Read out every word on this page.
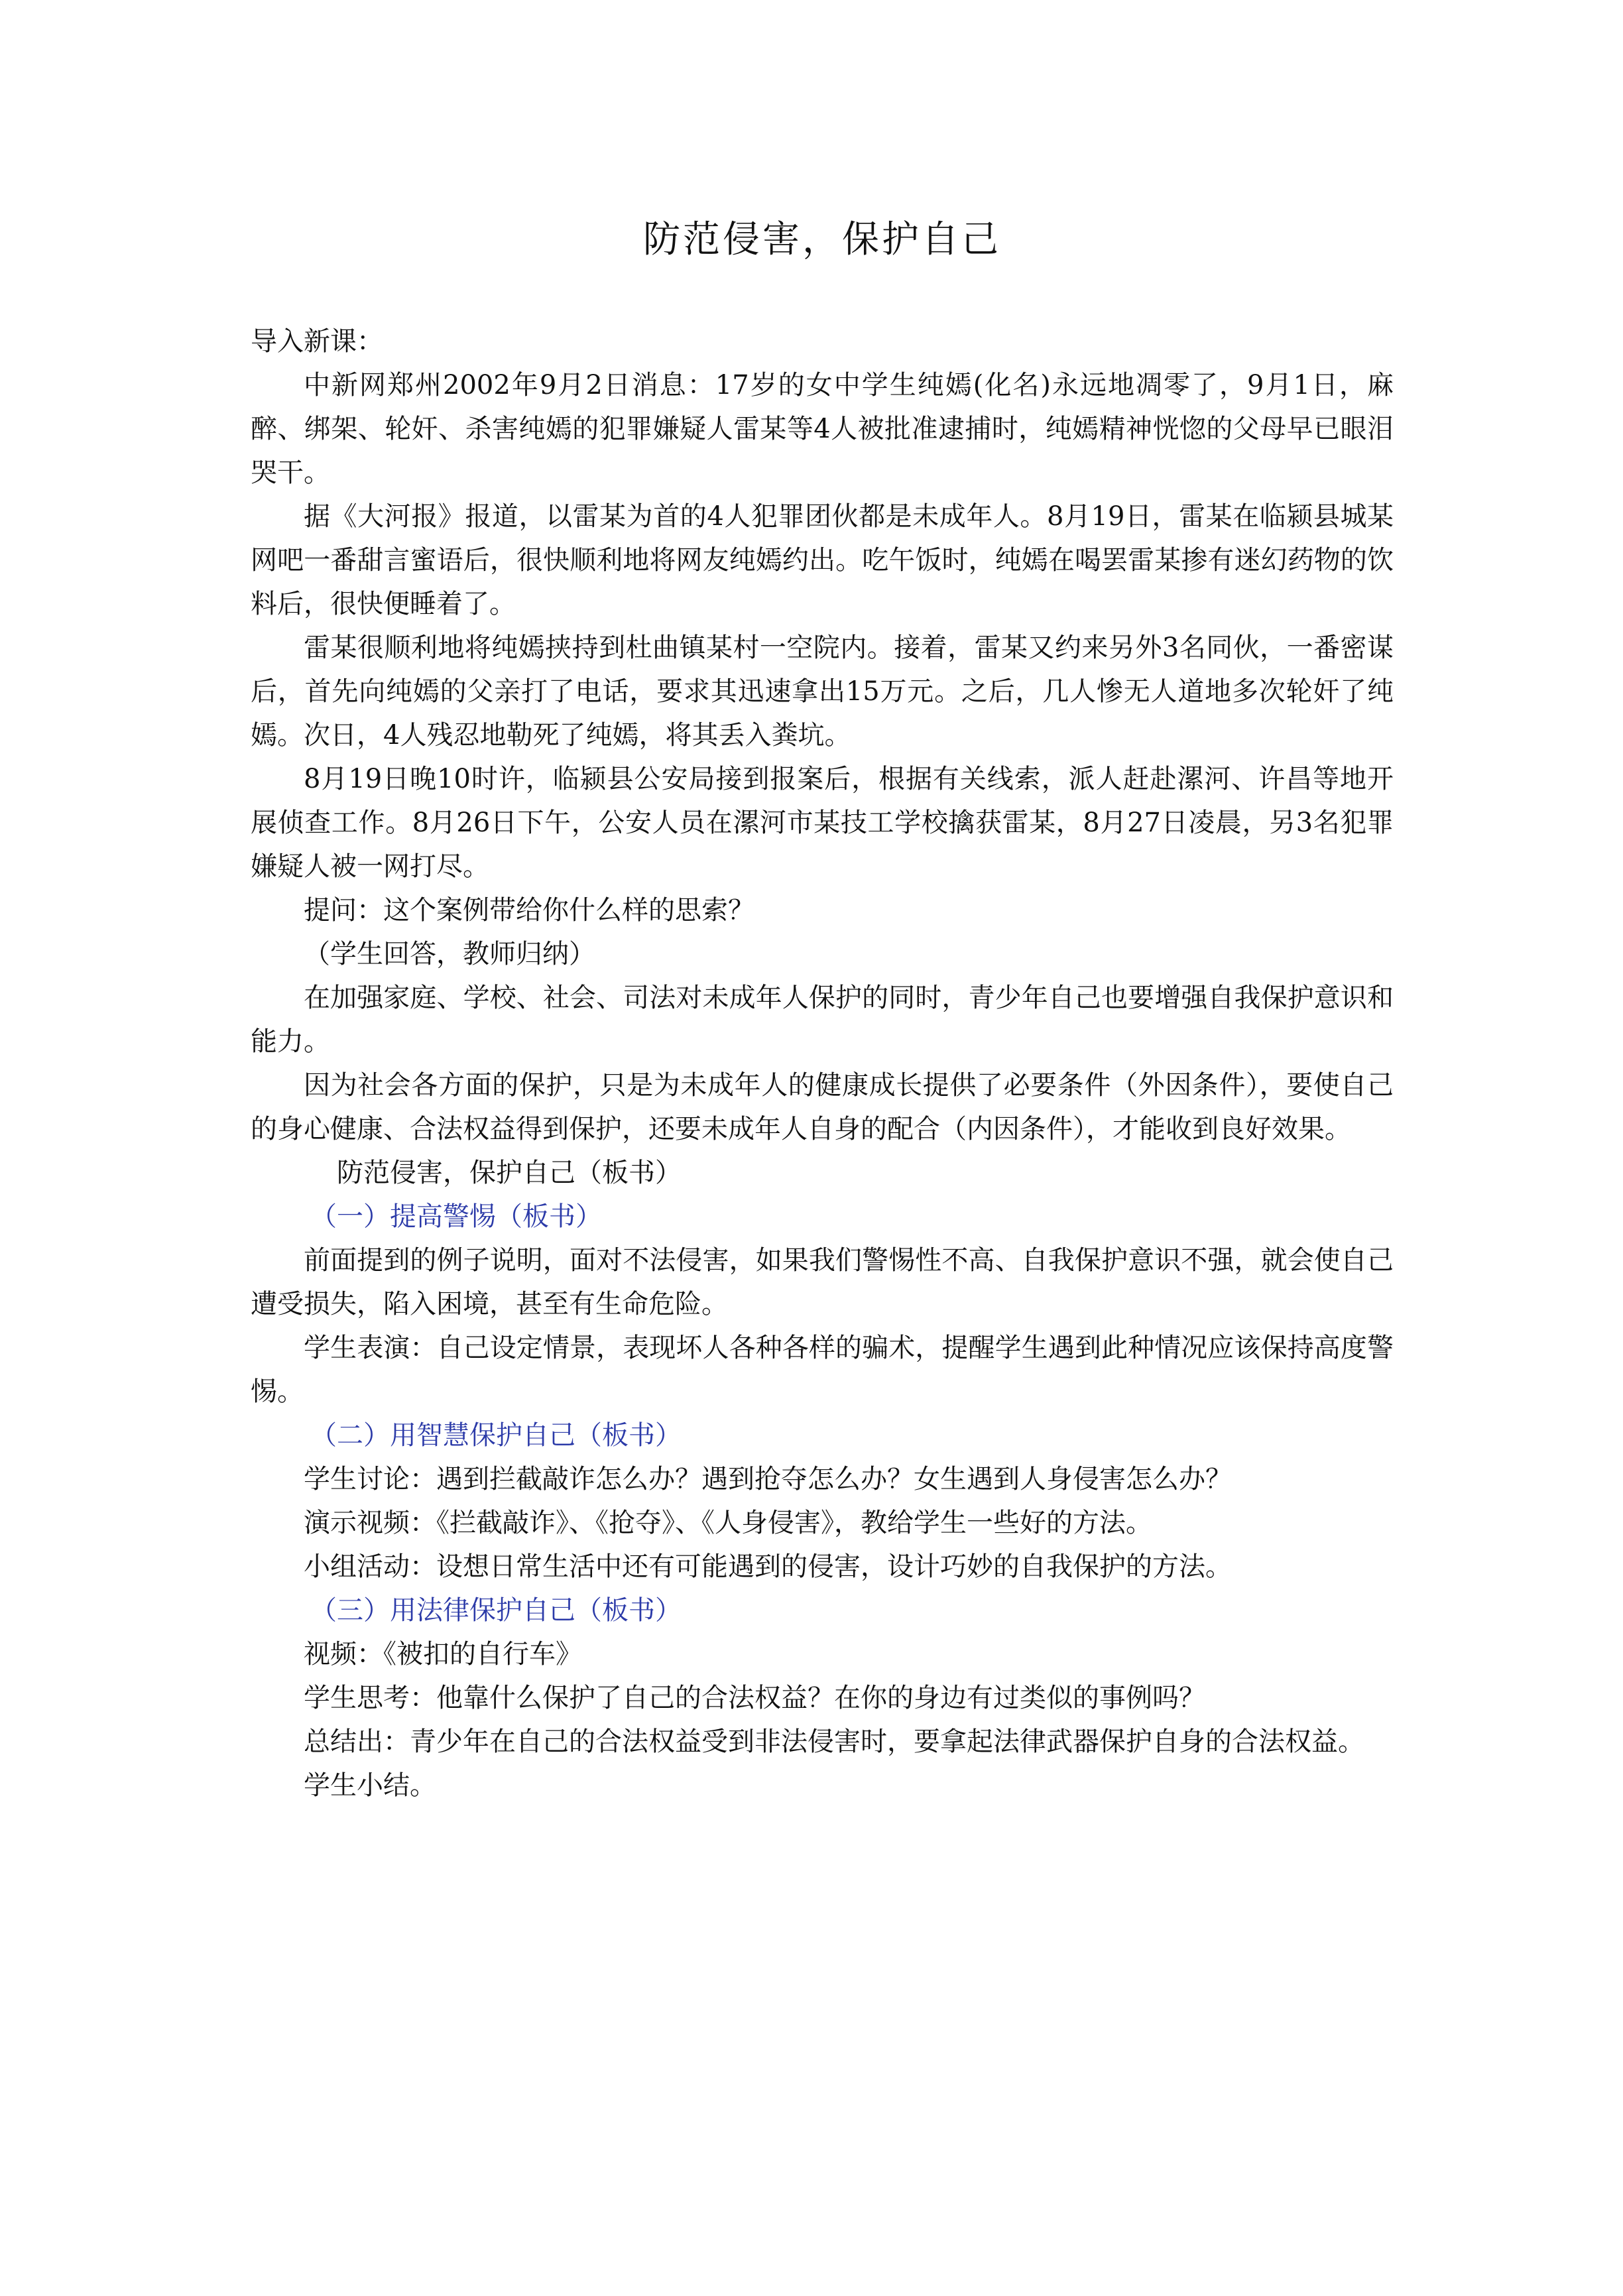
防范侵害，保护自己

导入新课：

中新网郑州2002年9月2日消息：17岁的女中学生纯嫣(化名)永远地凋零了，9月1日，麻醉、绑架、轮奸、杀害纯嫣的犯罪嫌疑人雷某等4人被批准逮捕时，纯嫣精神恍惚的父母早已眼泪哭干。

据《大河报》报道，以雷某为首的4人犯罪团伙都是未成年人。8月19日，雷某在临颍县城某网吧一番甜言蜜语后，很快顺利地将网友纯嫣约出。吃午饭时，纯嫣在喝罢雷某掺有迷幻药物的饮料后，很快便睡着了。

雷某很顺利地将纯嫣挟持到杜曲镇某村一空院内。接着，雷某又约来另外3名同伙，一番密谋后，首先向纯嫣的父亲打了电话，要求其迅速拿出15万元。之后，几人惨无人道地多次轮奸了纯嫣。次日，4人残忍地勒死了纯嫣，将其丢入粪坑。

8月19日晚10时许，临颍县公安局接到报案后，根据有关线索，派人赶赴漯河、许昌等地开展侦查工作。8月26日下午，公安人员在漯河市某技工学校擒获雷某，8月27日凌晨，另3名犯罪嫌疑人被一网打尽。

提问：这个案例带给你什么样的思索？

（学生回答，教师归纳）

在加强家庭、学校、社会、司法对未成年人保护的同时，青少年自己也要增强自我保护意识和能力。

因为社会各方面的保护，只是为未成年人的健康成长提供了必要条件（外因条件），要使自己的身心健康、合法权益得到保护，还要未成年人自身的配合（内因条件），才能收到良好效果。

防范侵害，保护自己（板书）

（一）提高警惕（板书）

前面提到的例子说明，面对不法侵害，如果我们警惕性不高、自我保护意识不强，就会使自己遭受损失，陷入困境，甚至有生命危险。

学生表演：自己设定情景，表现坏人各种各样的骗术，提醒学生遇到此种情况应该保持高度警惕。

（二）用智慧保护自己（板书）

学生讨论：遇到拦截敲诈怎么办？遇到抢夺怎么办？女生遇到人身侵害怎么办？

演示视频：《拦截敲诈》、《抢夺》、《人身侵害》，教给学生一些好的方法。

小组活动：设想日常生活中还有可能遇到的侵害，设计巧妙的自我保护的方法。

（三）用法律保护自己（板书）

视频：《被扣的自行车》

学生思考：他靠什么保护了自己的合法权益？在你的身边有过类似的事例吗？

总结出：青少年在自己的合法权益受到非法侵害时，要拿起法律武器保护自身的合法权益。

学生小结。
